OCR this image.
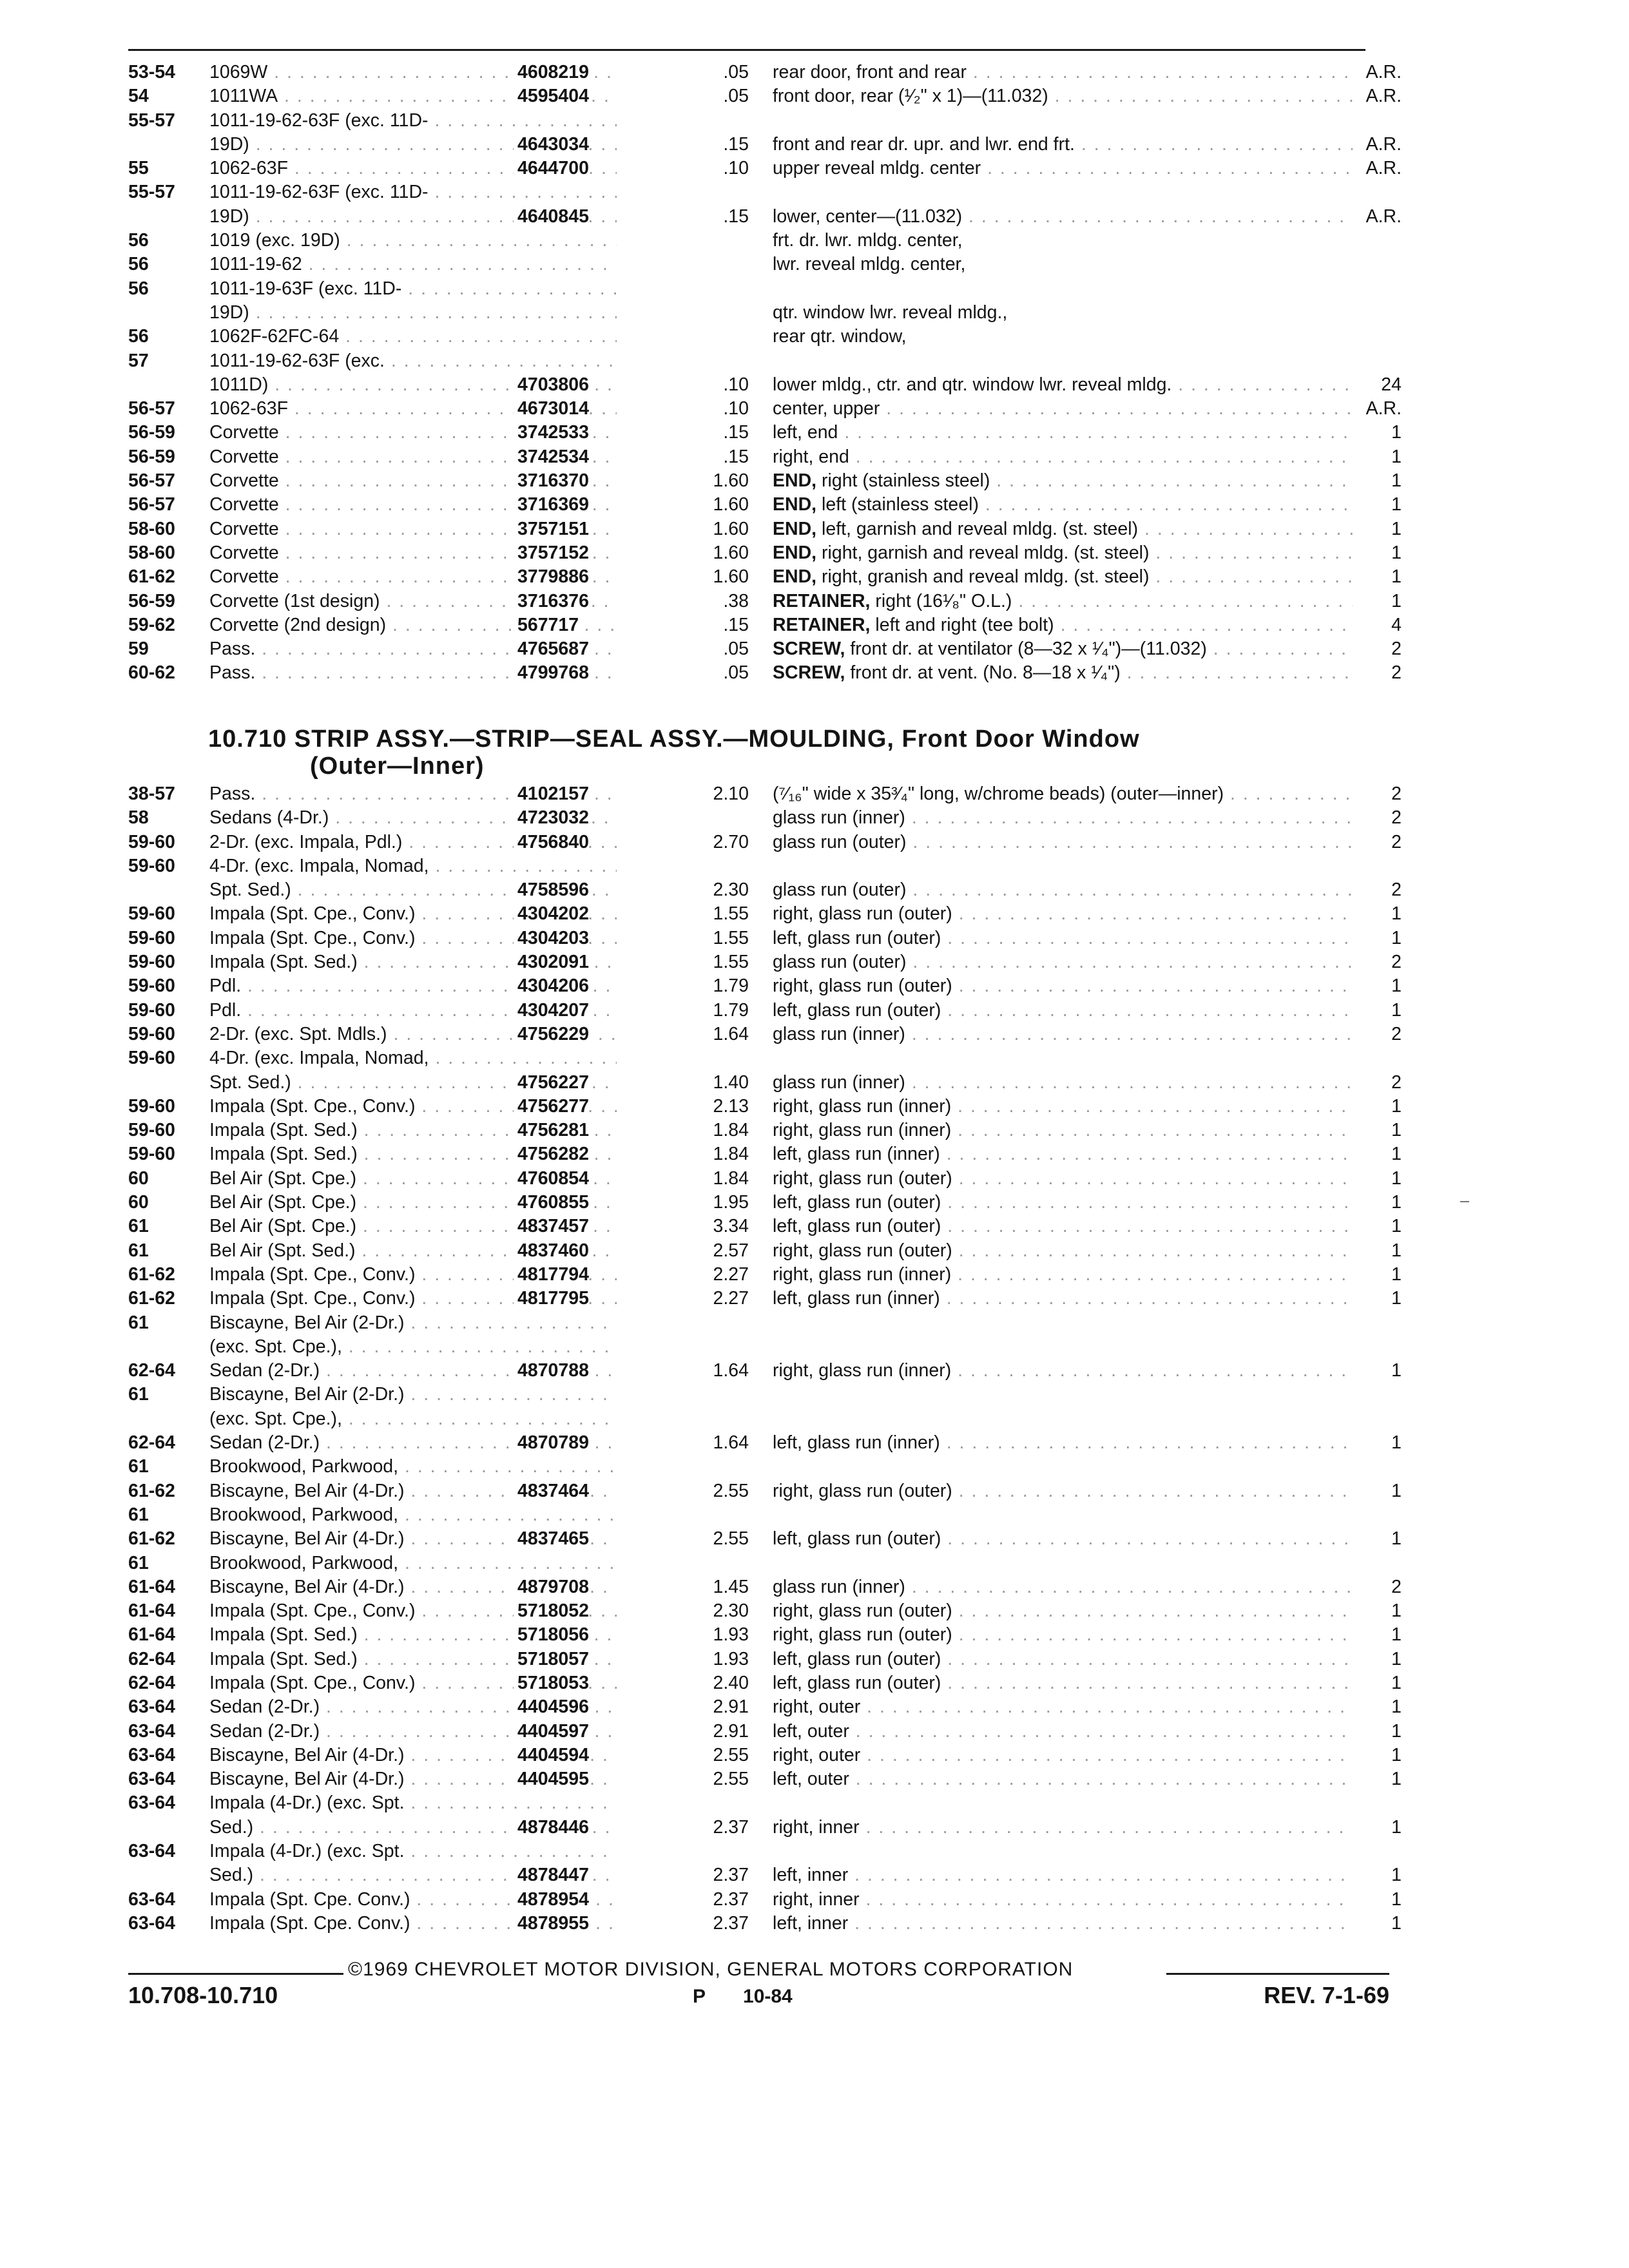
53-54 1069W . . .	4608219	.05 rear door, front and rear . . .	A.R.
54	1011WA . . .	4595404	.05 front door, rear (¹⁄₂" x 1)—(11.032) . . .	A.R.
55-57 1011-19-62-63F (exc. 11D- . . .
19D) . . .	4643034	.15 front and rear dr. upr. and lwr. end frt. . . .	A.R.
55	1062-63F . . .	4644700	.10 upper reveal mldg. center . . .	A.R.
55-57 1011-19-62-63F (exc. 11D- . . .
19D) . . .	4640845	.15 lower, center—(11.032) . . .	A.R.
56	1019 (exc. 19D) . . .	frt. dr. lwr. mldg. center,
56	1011-19-62 . . .	lwr. reveal mldg. center,
56	1011-19-63F (exc. 11D- . . .
19D) . . .	qtr. window lwr. reveal mldg.,
56	1062F-62FC-64 . . .	rear qtr. window,
57	1011-19-62-63F (exc. . . .
1011D) . . .	4703806	.10 lower mldg., ctr. and qtr. window lwr. reveal mldg. . . .	24
56-57 1062-63F . . .	4673014	.10 center, upper . . .	A.R.
56-59 Corvette . . .	3742533	.15 left, end . . .	1
56-59 Corvette . . .	3742534	.15 right, end . . .	1
56-57 Corvette . . .	3716370	1.60 END, right (stainless steel) . . .	1
56-57 Corvette . . .	3716369	1.60 END, left (stainless steel) . . .	1
58-60 Corvette . . .	3757151	1.60 END, left, garnish and reveal mldg. (st. steel) . . .	1
58-60 Corvette . . .	3757152	1.60 END, right, garnish and reveal mldg. (st. steel) . . .	1
61-62 Corvette . . .	3779886	1.60 END, right, granish and reveal mldg. (st. steel) . . .	1
56-59 Corvette (1st design) . . .	3716376	.38 RETAINER, right (16¹⁄₈" O.L.) . . .	1
59-62 Corvette (2nd design) . . .	567717	.15 RETAINER, left and right (tee bolt) . . .	4
59	Pass. . . .	4765687	.05 SCREW, front dr. at ventilator (8—32 x ¹⁄₄")—(11.032) . . .	2
60-62 Pass. . . .	4799768	.05 SCREW, front dr. at vent. (No. 8—18 x ¹⁄₄") . . .	2
10.710 STRIP ASSY.—STRIP—SEAL ASSY.—MOULDING, Front Door Window
(Outer—Inner)
38-57 Pass. . . .	4102157	2.10 (⁷⁄₁₆" wide x 35³⁄₄" long, w/chrome beads) (outer—inner) . . .	2
58	Sedans (4-Dr.) . . .	4723032	glass run (inner) . . .	2
59-60 2-Dr. (exc. Impala, Pdl.) . . .	4756840	2.70 glass run (outer) . . .	2
59-60 4-Dr. (exc. Impala, Nomad, . . .
Spt. Sed.) . . .	4758596	2.30 glass run (outer) . . .	2
59-60 Impala (Spt. Cpe., Conv.) . . .	4304202	1.55 right, glass run (outer) . . .	1
59-60 Impala (Spt. Cpe., Conv.) . . .	4304203	1.55 left, glass run (outer) . . .	1
59-60 Impala (Spt. Sed.) . . .	4302091	1.55 glass run (outer) . . .	2
59-60 Pdl. . . .	4304206	1.79 right, glass run (outer) . . .	1
59-60 Pdl. . . .	4304207	1.79 left, glass run (outer) . . .	1
59-60 2-Dr. (exc. Spt. Mdls.) . . .	4756229	1.64 glass run (inner) . . .	2
59-60 4-Dr. (exc. Impala, Nomad, . . .
Spt. Sed.) . . .	4756227	1.40 glass run (inner) . . .	2
59-60 Impala (Spt. Cpe., Conv.) . . .	4756277	2.13 right, glass run (inner) . . .	1
59-60 Impala (Spt. Sed.) . . .	4756281	1.84 right, glass run (inner) . . .	1
59-60 Impala (Spt. Sed.) . . .	4756282	1.84 left, glass run (inner) . . .	1
60	Bel Air (Spt. Cpe.) . . .	4760854	1.84 right, glass run (outer) . . .	1
60	Bel Air (Spt. Cpe.) . . .	4760855	1.95 left, glass run (outer) . . .	1
61	Bel Air (Spt. Cpe.) . . .	4837457	3.34 left, glass run (outer) . . .	1
61	Bel Air (Spt. Sed.) . . .	4837460	2.57 right, glass run (outer) . . .	1
61-62 Impala (Spt. Cpe., Conv.) . . .	4817794	2.27 right, glass run (inner) . . .	1
61-62 Impala (Spt. Cpe., Conv.) . . .	4817795	2.27 left, glass run (inner) . . .	1
61	Biscayne, Bel Air (2-Dr.) . . .
(exc. Spt. Cpe.), . . .
62-64 Sedan (2-Dr.) . . .	4870788	1.64 right, glass run (inner) . . .	1
61	Biscayne, Bel Air (2-Dr.) . . .
(exc. Spt. Cpe.), . . .
62-64 Sedan (2-Dr.) . . .	4870789	1.64 left, glass run (inner) . . .	1
61	Brookwood, Parkwood, . . .
61-62 Biscayne, Bel Air (4-Dr.) . . .	4837464	2.55 right, glass run (outer) . . .	1
61	Brookwood, Parkwood, . . .
61-62 Biscayne, Bel Air (4-Dr.) . . .	4837465	2.55 left, glass run (outer) . . .	1
61	Brookwood, Parkwood, . . .
61-64 Biscayne, Bel Air (4-Dr.) . . .	4879708	1.45 glass run (inner) . . .	2
61-64 Impala (Spt. Cpe., Conv.) . . .	5718052	2.30 right, glass run (outer) . . .	1
61-64 Impala (Spt. Sed.) . . .	5718056	1.93 right, glass run (outer) . . .	1
62-64 Impala (Spt. Sed.) . . .	5718057	1.93 left, glass run (outer) . . .	1
62-64 Impala (Spt. Cpe., Conv.) . . .	5718053	2.40 left, glass run (outer) . . .	1
63-64 Sedan (2-Dr.) . . .	4404596	2.91 right, outer . . .	1
63-64 Sedan (2-Dr.) . . .	4404597	2.91 left, outer . . .	1
63-64 Biscayne, Bel Air (4-Dr.) . . .	4404594	2.55 right, outer . . .	1
63-64 Biscayne, Bel Air (4-Dr.) . . .	4404595	2.55 left, outer . . .	1
63-64 Impala (4-Dr.) (exc. Spt. . . .
Sed.) . . .	4878446	2.37 right, inner . . .	1
63-64 Impala (4-Dr.) (exc. Spt. . . .
Sed.) . . .	4878447	2.37 left, inner . . .	1
63-64 Impala (Spt. Cpe. Conv.) . . .	4878954	2.37 right, inner . . .	1
63-64 Impala (Spt. Cpe. Conv.) . . .	4878955	2.37 left, inner . . .	1
©1969 CHEVROLET MOTOR DIVISION, GENERAL MOTORS CORPORATION
10.708-10.710	P 10-84	REV. 7-1-69
